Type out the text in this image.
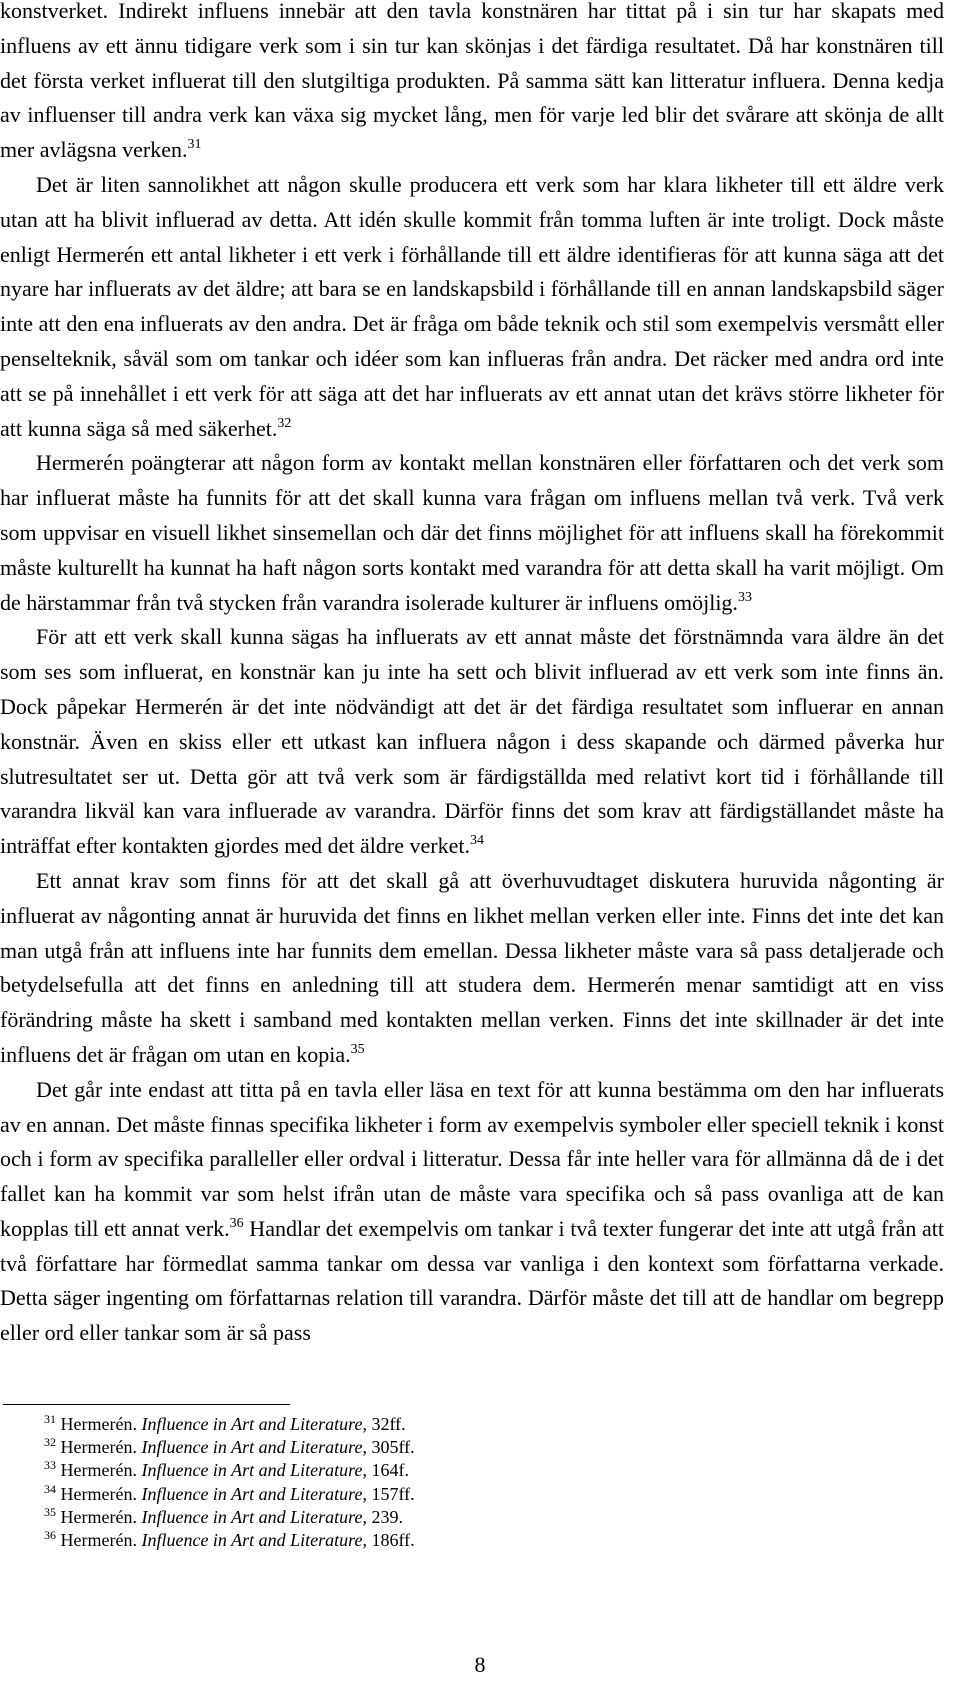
konstverket. Indirekt influens innebär att den tavla konstnären har tittat på i sin tur har skapats med influens av ett ännu tidigare verk som i sin tur kan skönjas i det färdiga resultatet. Då har konstnären till det första verket influerat till den slutgiltiga produkten. På samma sätt kan litteratur influera. Denna kedja av influenser till andra verk kan växa sig mycket lång, men för varje led blir det svårare att skönja de allt mer avlägsna verken.$^{31}$

Det är liten sannolikhet att någon skulle producera ett verk som har klara likheter till ett äldre verk utan att ha blivit influerad av detta. Att idén skulle kommit från tomma luften är inte troligt. Dock måste enligt Hermerén ett antal likheter i ett verk i förhållande till ett äldre identifieras för att kunna säga att det nyare har influerats av det äldre; att bara se en landskapsbild i förhållande till en annan landskapsbild säger inte att den ena influerats av den andra. Det är fråga om både teknik och stil som exempelvis versmått eller penselteknik, såväl som om tankar och idéer som kan influeras från andra. Det räcker med andra ord inte att se på innehållet i ett verk för att säga att det har influerats av ett annat utan det krävs större likheter för att kunna säga så med säkerhet.$^{32}$

Hermerén poängterar att någon form av kontakt mellan konstnären eller författaren och det verk som har influerat måste ha funnits för att det skall kunna vara frågan om influens mellan två verk. Två verk som uppvisar en visuell likhet sinsemellan och där det finns möjlighet för att influens skall ha förekommit måste kulturellt ha kunnat ha haft någon sorts kontakt med varandra för att detta skall ha varit möjligt. Om de härstammar från två stycken från varandra isolerade kulturer är influens omöjlig.$^{33}$

För att ett verk skall kunna sägas ha influerats av ett annat måste det förstnämnda vara äldre än det som ses som influerat, en konstnär kan ju inte ha sett och blivit influerad av ett verk som inte finns än. Dock påpekar Hermerén är det inte nödvändigt att det är det färdiga resultatet som influerar en annan konstnär. Även en skiss eller ett utkast kan influera någon i dess skapande och därmed påverka hur slutresultatet ser ut. Detta gör att två verk som är färdigställda med relativt kort tid i förhållande till varandra likväl kan vara influerade av varandra. Därför finns det som krav att färdigställandet måste ha inträffat efter kontakten gjordes med det äldre verket.$^{34}$

Ett annat krav som finns för att det skall gå att överhuvudtaget diskutera huruvida någonting är influerat av någonting annat är huruvida det finns en likhet mellan verken eller inte. Finns det inte det kan man utgå från att influens inte har funnits dem emellan. Dessa likheter måste vara så pass detaljerade och betydelsefulla att det finns en anledning till att studera dem. Hermerén menar samtidigt att en viss förändring måste ha skett i samband med kontakten mellan verken. Finns det inte skillnader är det inte influens det är frågan om utan en kopia.$^{35}$

Det går inte endast att titta på en tavla eller läsa en text för att kunna bestämma om den har influerats av en annan. Det måste finnas specifika likheter i form av exempelvis symboler eller speciell teknik i konst och i form av specifika paralleller eller ordval i litteratur. Dessa får inte heller vara för allmänna då de i det fallet kan ha kommit var som helst ifrån utan de måste vara specifika och så pass ovanliga att de kan kopplas till ett annat verk.$^{36}$ Handlar det exempelvis om tankar i två texter fungerar det inte att utgå från att två författare har förmedlat samma tankar om dessa var vanliga i den kontext som författarna verkade. Detta säger ingenting om författarnas relation till varandra. Därför måste det till att de handlar om begrepp eller ord eller tankar som är så pass

$^{31}$ Hermerén. Influence in Art and Literature, 32ff.
$^{32}$ Hermerén. Influence in Art and Literature, 305ff.
$^{33}$ Hermerén. Influence in Art and Literature, 164f.
$^{34}$ Hermerén. Influence in Art and Literature, 157ff.
$^{35}$ Hermerén. Influence in Art and Literature, 239.
$^{36}$ Hermerén. Influence in Art and Literature, 186ff.
8
